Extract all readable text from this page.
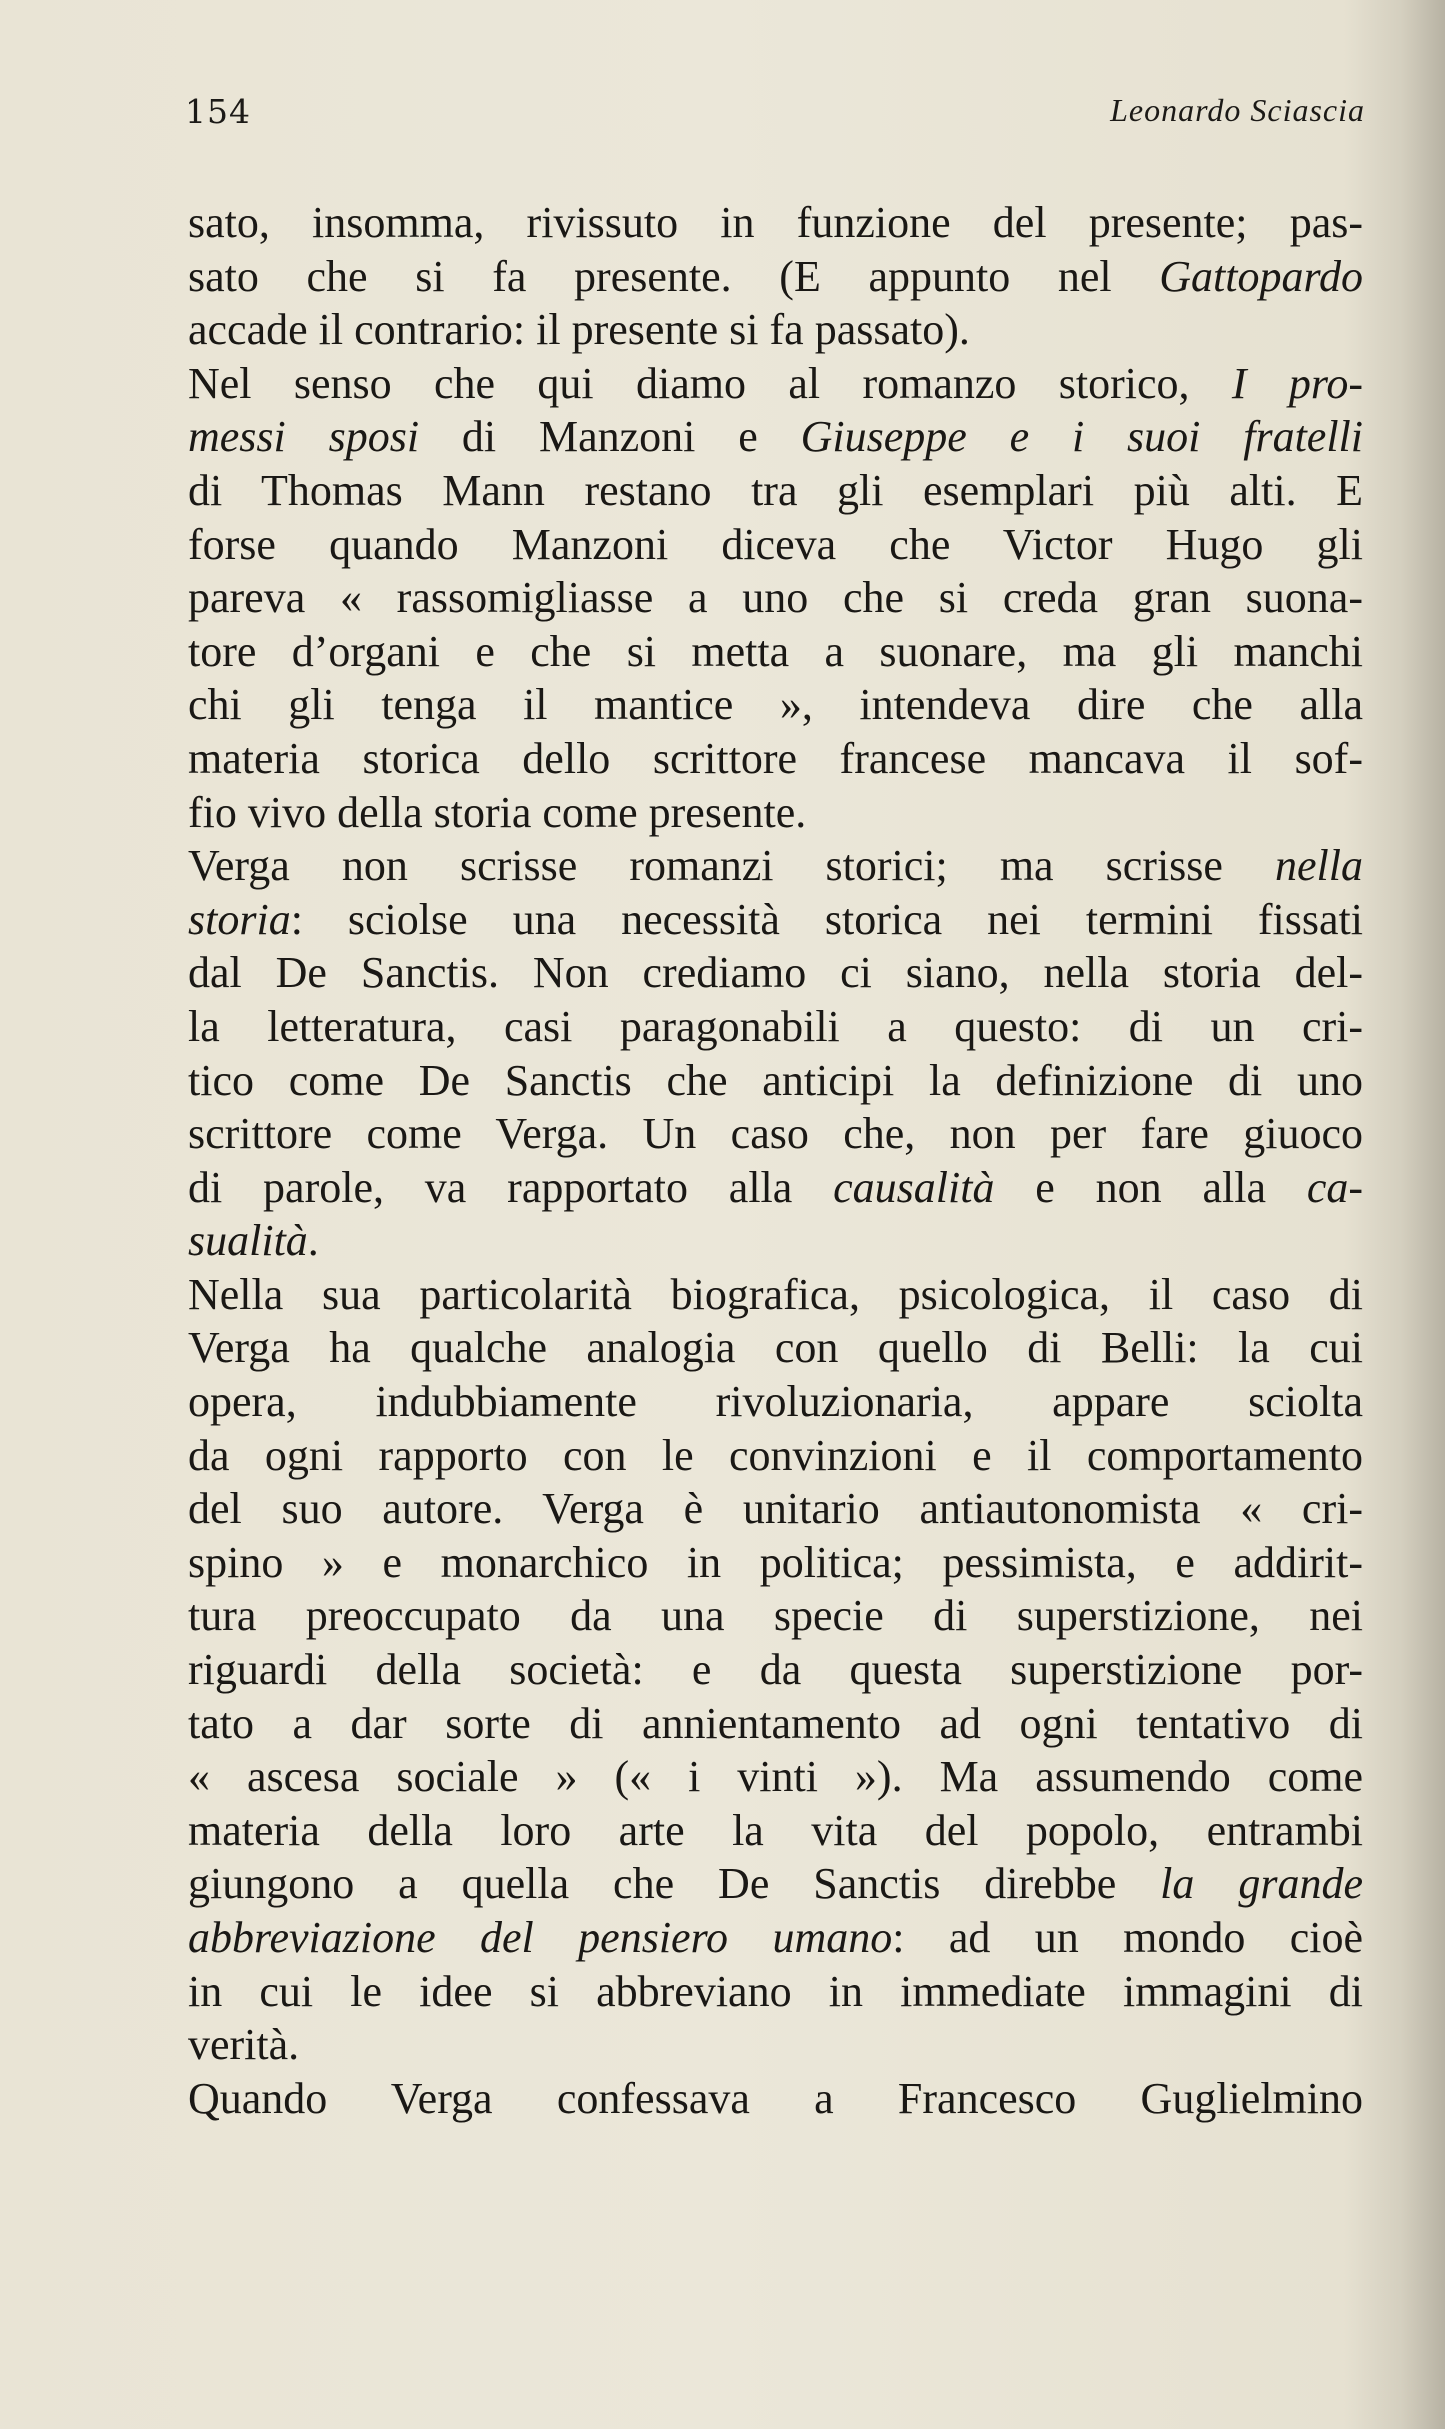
154	Leonardo Sciascia
sato, insomma, rivissuto in funzione del presente; pas-
sato che si fa presente. (E appunto nel Gattopardo
accade il contrario: il presente si fa passato).
Nel senso che qui diamo al romanzo storico, I pro-
messi sposi di Manzoni e Giuseppe e i suoi fratelli
di Thomas Mann restano tra gli esemplari più alti. E
forse quando Manzoni diceva che Victor Hugo gli
pareva « rassomigliasse a uno che si creda gran suona-
tore d’organi e che si metta a suonare, ma gli manchi
chi gli tenga il mantice », intendeva dire che alla
materia storica dello scrittore francese mancava il sof-
fio vivo della storia come presente.
Verga non scrisse romanzi storici; ma scrisse nella
storia: sciolse una necessità storica nei termini fissati
dal De Sanctis. Non crediamo ci siano, nella storia del-
la letteratura, casi paragonabili a questo: di un cri-
tico come De Sanctis che anticipi la definizione di uno
scrittore come Verga. Un caso che, non per fare giuoco
di parole, va rapportato alla causalità e non alla ca-
sualità.
Nella sua particolarità biografica, psicologica, il caso di
Verga ha qualche analogia con quello di Belli: la cui
opera, indubbiamente rivoluzionaria, appare sciolta
da ogni rapporto con le convinzioni e il comportamento
del suo autore. Verga è unitario antiautonomista « cri-
spino » e monarchico in politica; pessimista, e addirit-
tura preoccupato da una specie di superstizione, nei
riguardi della società: e da questa superstizione por-
tato a dar sorte di annientamento ad ogni tentativo di
« ascesa sociale » (« i vinti »). Ma assumendo come
materia della loro arte la vita del popolo, entrambi
giungono a quella che De Sanctis direbbe la grande
abbreviazione del pensiero umano: ad un mondo cioè
in cui le idee si abbreviano in immediate immagini di
verità.
Quando Verga confessava a Francesco Guglielmino
